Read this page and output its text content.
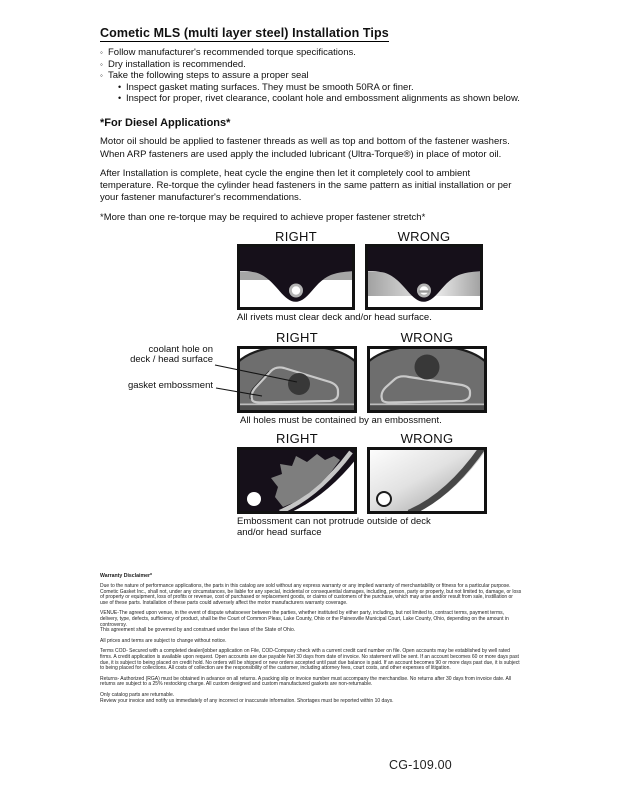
Cometic MLS (multi layer steel) Installation Tips
◦ Follow manufacturer's recommended torque specifications.
◦ Dry installation is recommended.
◦ Take the following steps to assure a proper seal
• Inspect gasket mating surfaces. They must be smooth 50RA or finer.
• Inspect for proper, rivet clearance, coolant hole and embossment alignments as shown below.
*For Diesel Applications*

Motor oil should be applied to fastener threads as well as top and bottom of the fastener washers. When ARP fasteners are used apply the included lubricant (Ultra-Torque®) in place of motor oil.

After Installation is complete, heat cycle the engine then let it completely cool to ambient temperature. Re-torque the cylinder head fasteners in the same pattern as initial installation or per your fastener manufacturer's recommendations.

*More than one re-torque may be required to achieve proper fastener stretch*

RIGHT	WRONG
All rivets must clear deck and/or head surface.
RIGHT	WRONG
coolant hole on
deck / head surface
gasket embossment
All holes must be contained by an embossment.
RIGHT	WRONG
Embossment can not protrude outside of deck and/or head surface
Warranty Disclaimer*

Due to the nature of performance applications, the parts in this catalog are sold without any express warranty or any implied warranty of merchantability or fitness for a particular purpose. Cometic Gasket Inc., shall not, under any circumstances, be liable for any special, incidental or consequential damages, including, person, party or property, but not limited to, damage, or loss of property or equipment, loss of profits or revenue, cost of purchased or replacement goods, or claims of customers of the purchase, which may arise and/or result from sale, instillation or use of these parts. Installation of these parts could adversely affect the motor manufacturers warranty coverage.

VENUE-The agreed upon venue, in the event of dispute whatsoever between the parties, whether instituted by either party, including, but not limited to, contract terms, payment terms, delivery, type, defects, sufficiency of product, shall be the Court of Common Pleas, Lake County, Ohio or the Painesville Municipal Court, Lake County, Ohio, depending on the amount in controversy.
This agreement shall be governed by and construed under the laws of the State of Ohio.

All prices and terms are subject to change without notice.

Terms COD- Secured with a completed dealer/jobber application on File, COD-Company check with a current credit card number on file. Open accounts may be established by well rated firms. A credit application is available upon request. Open accounts are due payable Net 30 days from date of invoice. No statement will be sent. If an account becomes 60 or more days past due, it is subject to being placed on credit hold. No orders will be shipped or new orders accepted until past due balance is paid. If an account becomes 90 or more days past due, it is subject to being placed for collections. All costs of collection are the responsibility of the customer, including attorney fees, court costs, and other expenses of litigation.

Returns- Authorized (RGA) must be obtained in advance on all returns. A packing slip or invoice number must accompany the merchandise. No returns after 30 days from invoice date. All returns are subject to a 25% restocking charge. All custom designed and custom manufactured gaskets are non-returnable.

Only catalog parts are returnable.
Review your invoice and notify us immediately of any incorrect or inaccurate information. Shortages must be reported within 10 days.

CG-109.00
